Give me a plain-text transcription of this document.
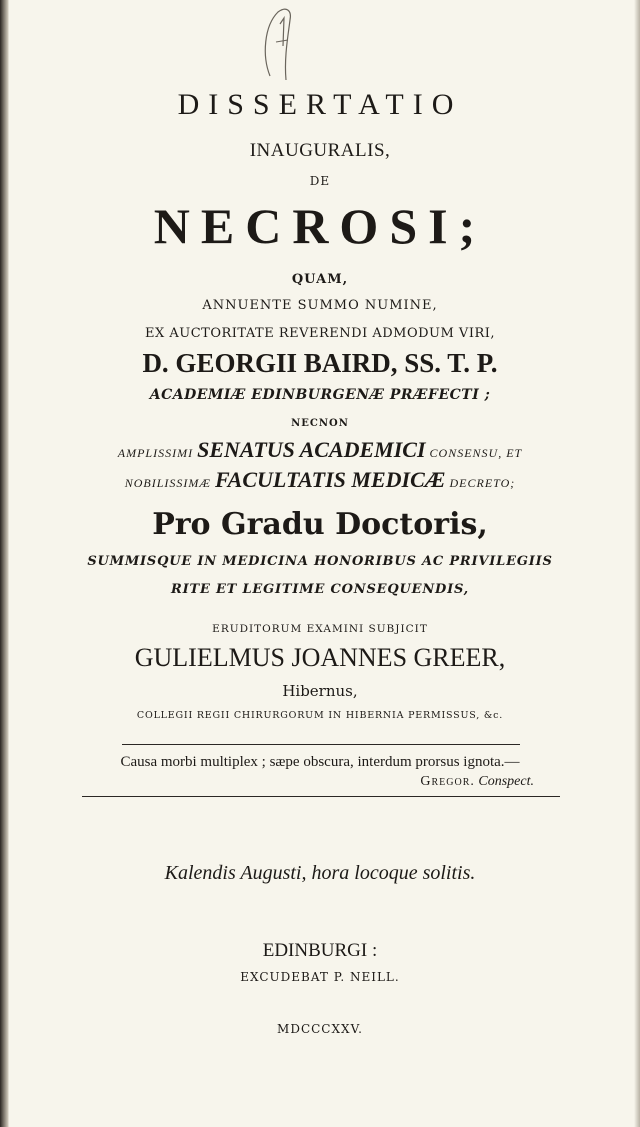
DISSERTATIO
INAUGURALIS,
DE
NECROSI;
QUAM,
ANNUENTE SUMMO NUMINE,
EX AUCTORITATE REVERENDI ADMODUM VIRI,
D. GEORGII BAIRD, SS. T. P.
ACADEMIÆ EDINBURGENÆ PRÆFECTI ;
NECNON
AMPLISSIMI SENATUS ACADEMICI CONSENSU, ET
NOBILISSIMÆ FACULTATIS MEDICÆ DECRETO;
Pro Gradu Doctoris,
SUMMISQUE IN MEDICINA HONORIBUS AC PRIVILEGIIS
RITE ET LEGITIME CONSEQUENDIS,
ERUDITORUM EXAMINI SUBJICIT
GULIELMUS JOANNES GREER,
Hibernus,
COLLEGII REGII CHIRURGORUM IN HIBERNIA PERMISSUS, &c.
Causa morbi multiplex ; sæpe obscura, interdum prorsus ignota.—
Gregor. Conspect.
Kalendis Augusti, hora locoque solitis.
EDINBURGI :
EXCUDEBAT P. NEILL.
MDCCCXXV.
